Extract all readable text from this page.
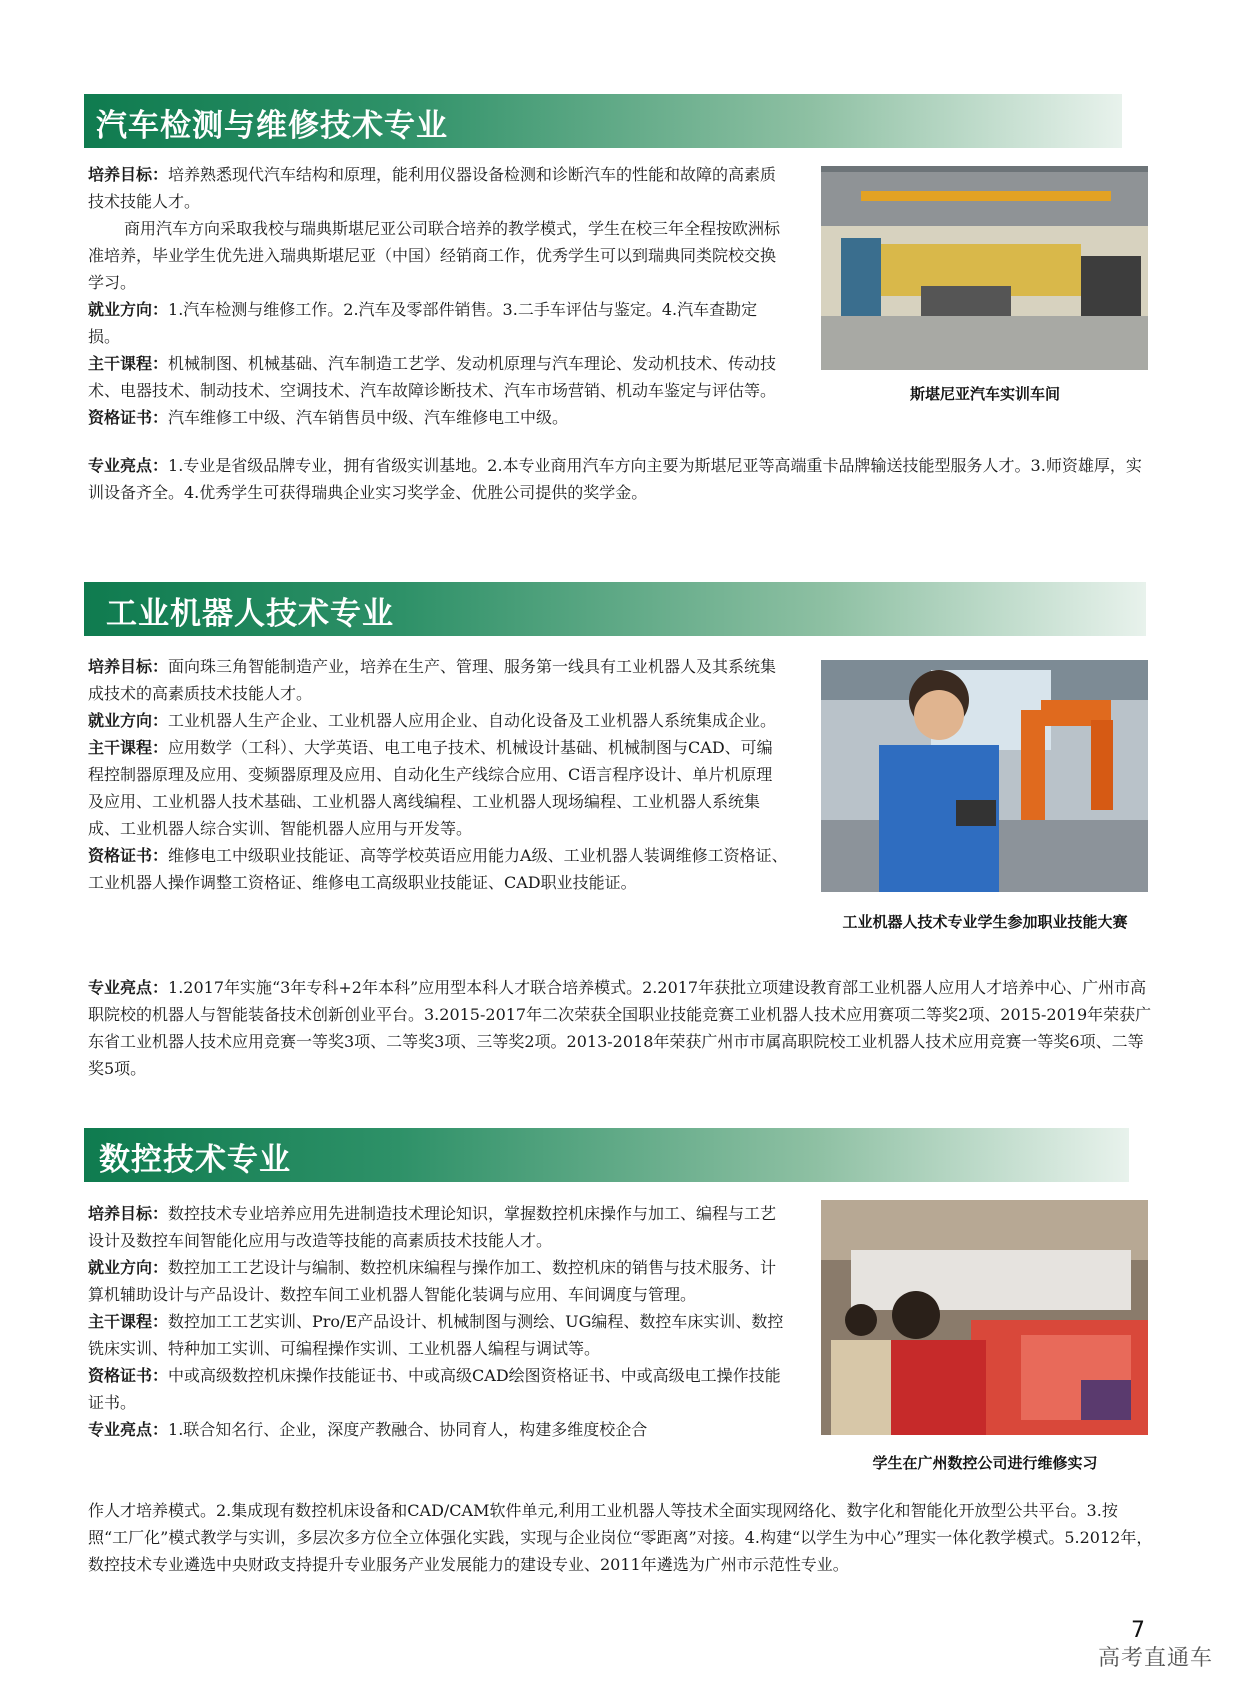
汽车检测与维修技术专业

培养目标：培养熟悉现代汽车结构和原理，能利用仪器设备检测和诊断汽车的性能和故障的高素质技术技能人才。

商用汽车方向采取我校与瑞典斯堪尼亚公司联合培养的教学模式，学生在校三年全程按欧洲标准培养，毕业学生优先进入瑞典斯堪尼亚（中国）经销商工作，优秀学生可以到瑞典同类院校交换学习。

就业方向：1.汽车检测与维修工作。2.汽车及零部件销售。3.二手车评估与鉴定。4.汽车查勘定损。

主干课程：机械制图、机械基础、汽车制造工艺学、发动机原理与汽车理论、发动机技术、传动技术、电器技术、制动技术、空调技术、汽车故障诊断技术、汽车市场营销、机动车鉴定与评估等。

资格证书：汽车维修工中级、汽车销售员中级、汽车维修电工中级。

专业亮点：1.专业是省级品牌专业，拥有省级实训基地。2.本专业商用汽车方向主要为斯堪尼亚等高端重卡品牌输送技能型服务人才。3.师资雄厚，实训设备齐全。4.优秀学生可获得瑞典企业实习奖学金、优胜公司提供的奖学金。

斯堪尼亚汽车实训车间
工业机器人技术专业

培养目标：面向珠三角智能制造产业，培养在生产、管理、服务第一线具有工业机器人及其系统集成技术的高素质技术技能人才。

就业方向：工业机器人生产企业、工业机器人应用企业、自动化设备及工业机器人系统集成企业。

主干课程：应用数学（工科）、大学英语、电工电子技术、机械设计基础、机械制图与CAD、可编程控制器原理及应用、变频器原理及应用、自动化生产线综合应用、C语言程序设计、单片机原理及应用、工业机器人技术基础、工业机器人离线编程、工业机器人现场编程、工业机器人系统集成、工业机器人综合实训、智能机器人应用与开发等。

资格证书：维修电工中级职业技能证、高等学校英语应用能力A级、工业机器人装调维修工资格证、工业机器人操作调整工资格证、维修电工高级职业技能证、CAD职业技能证。

专业亮点：1.2017年实施“3年专科+2年本科”应用型本科人才联合培养模式。2.2017年获批立项建设教育部工业机器人应用人才培养中心、广州市高职院校的机器人与智能装备技术创新创业平台。3.2015-2017年二次荣获全国职业技能竞赛工业机器人技术应用赛项二等奖2项、2015-2019年荣获广东省工业机器人技术应用竞赛一等奖3项、二等奖3项、三等奖2项。2013-2018年荣获广州市市属高职院校工业机器人技术应用竞赛一等奖6项、二等奖5项。

工业机器人技术专业学生参加职业技能大赛
数控技术专业

培养目标：数控技术专业培养应用先进制造技术理论知识，掌握数控机床操作与加工、编程与工艺设计及数控车间智能化应用与改造等技能的高素质技术技能人才。

就业方向：数控加工工艺设计与编制、数控机床编程与操作加工、数控机床的销售与技术服务、计算机辅助设计与产品设计、数控车间工业机器人智能化装调与应用、车间调度与管理。

主干课程：数控加工工艺实训、Pro/E产品设计、机械制图与测绘、UG编程、数控车床实训、数控铣床实训、特种加工实训、可编程操作实训、工业机器人编程与调试等。

资格证书：中或高级数控机床操作技能证书、中或高级CAD绘图资格证书、中或高级电工操作技能证书。

专业亮点：1.联合知名行、企业，深度产教融合、协同育人，构建多维度校企合

作人才培养模式。2.集成现有数控机床设备和CAD/CAM软件单元,利用工业机器人等技术全面实现网络化、数字化和智能化开放型公共平台。3.按照“工厂化”模式教学与实训，多层次多方位全立体强化实践，实现与企业岗位“零距离”对接。4.构建“以学生为中心”理实一体化教学模式。5.2012年，数控技术专业遴选中央财政支持提升专业服务产业发展能力的建设专业、2011年遴选为广州市示范性专业。

学生在广州数控公司进行维修实习
7
高考直通车
